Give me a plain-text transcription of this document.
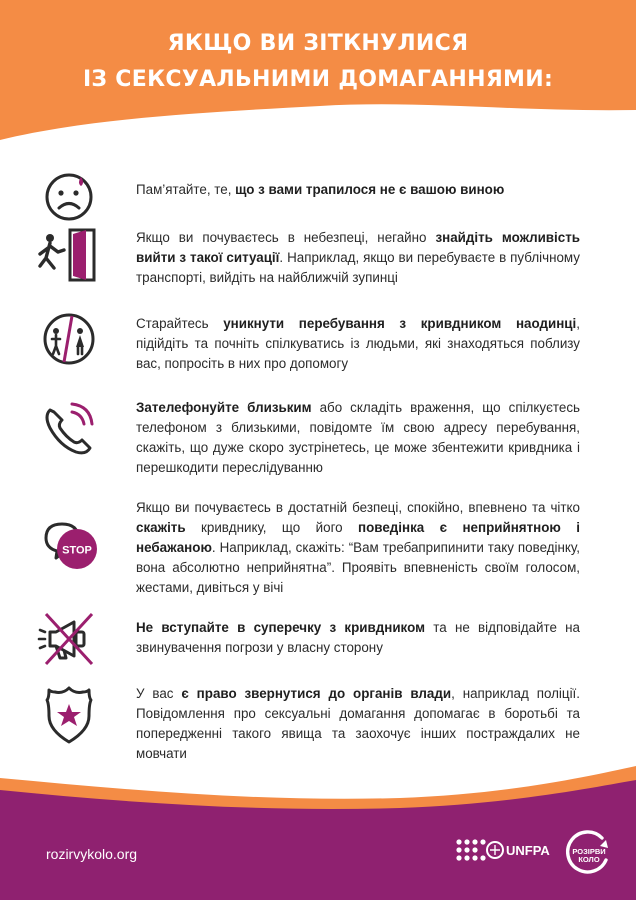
ЯКЩО ВИ ЗІТКНУЛИСЯ
ІЗ СЕКСУАЛЬНИМИ ДОМАГАННЯМИ:

Пам’ятайте, те, що з вами трапилося не є вашою виною

Якщо ви почуваєтесь в небезпеці, негайно знайдіть можливість вийти з такої ситуації. Наприклад, якщо ви перебуваєте в публічному транспорті, вийдіть на найближчій зупинці

Старайтесь уникнути перебування з кривдником наодинці, підійдіть та почніть спілкуватись із людьми, які знаходяться поблизу вас, попросіть в них про допомогу

Зателефонуйте близьким або складіть враження, що спілкуєтесь телефоном з близькими, повідомте їм свою адресу перебування, скажіть, що дуже скоро зустрінетесь, це може збентежити кривдника і перешкодити переслідуванню

STOP

Якщо ви почуваєтесь в достатній безпеці, спокійно, впевнено та чітко скажіть кривднику, що його поведінка є неприйнятною і небажаною. Наприклад, скажіть: “Вам требаприпинити таку поведінку, вона абсолютно неприйнятна”. Проявіть впевненість своїм голосом, жестами, дивіться у вічі

Не вступайте в суперечку з кривдником та не відповідайте на звинувачення погрози у власну сторону

У вас є право звернутися до органів влади, наприклад поліції. Повідомлення про сексуальні домагання допомагає в боротьбі та попередженні такого явища та заохочує інших постраждалих не мовчати

rozirvykolo.org	UNFPA	РОЗІРВИ
КОЛО
